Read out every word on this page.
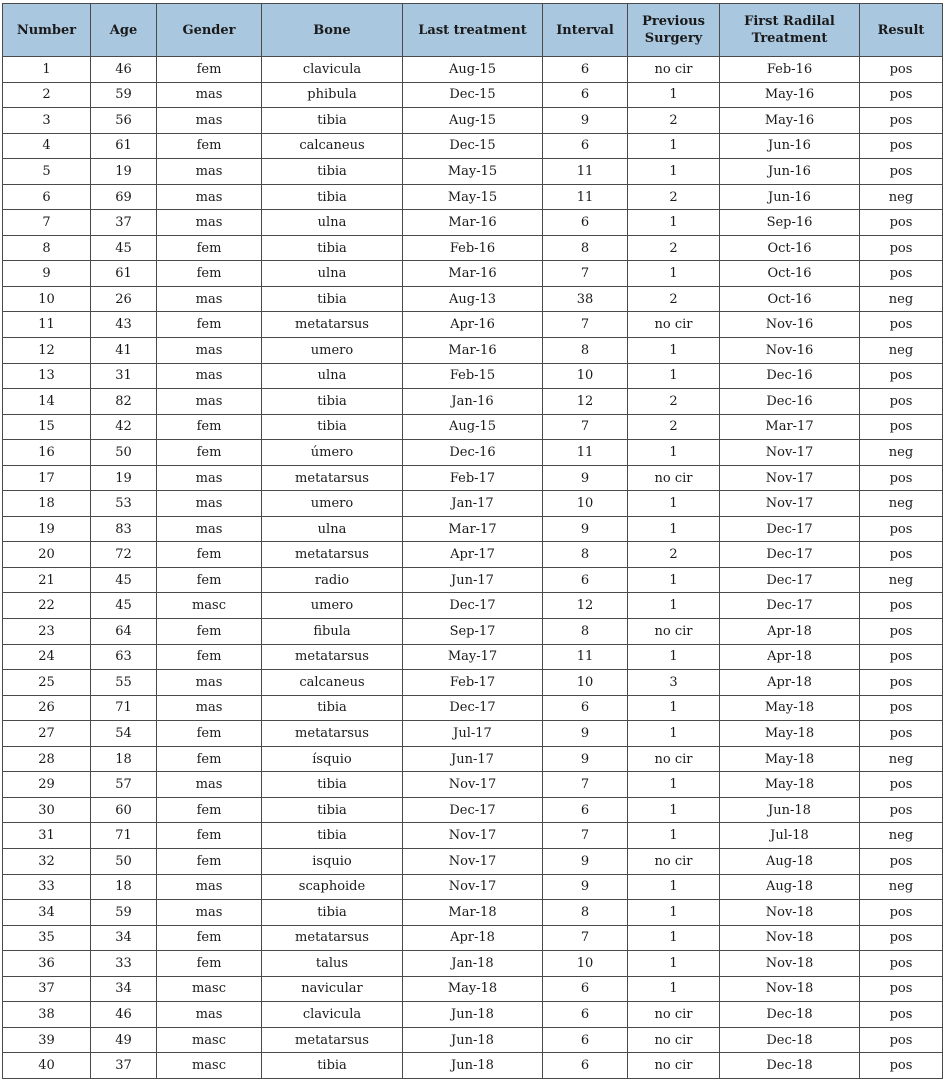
Number	Age	Gender	Bone	Last treatment	Interval	Previous Surgery	First Radilal Treatment	Result
1	46	fem	clavicula	Aug-15	6	no cir	Feb-16	pos
2	59	mas	phibula	Dec-15	6	1	May-16	pos
3	56	mas	tibia	Aug-15	9	2	May-16	pos
4	61	fem	calcaneus	Dec-15	6	1	Jun-16	pos
5	19	mas	tibia	May-15	11	1	Jun-16	pos
6	69	mas	tibia	May-15	11	2	Jun-16	neg
7	37	mas	ulna	Mar-16	6	1	Sep-16	pos
8	45	fem	tibia	Feb-16	8	2	Oct-16	pos
9	61	fem	ulna	Mar-16	7	1	Oct-16	pos
10	26	mas	tibia	Aug-13	38	2	Oct-16	neg
11	43	fem	metatarsus	Apr-16	7	no cir	Nov-16	pos
12	41	mas	umero	Mar-16	8	1	Nov-16	neg
13	31	mas	ulna	Feb-15	10	1	Dec-16	pos
14	82	mas	tibia	Jan-16	12	2	Dec-16	pos
15	42	fem	tibia	Aug-15	7	2	Mar-17	pos
16	50	fem	úmero	Dec-16	11	1	Nov-17	neg
17	19	mas	metatarsus	Feb-17	9	no cir	Nov-17	pos
18	53	mas	umero	Jan-17	10	1	Nov-17	neg
19	83	mas	ulna	Mar-17	9	1	Dec-17	pos
20	72	fem	metatarsus	Apr-17	8	2	Dec-17	pos
21	45	fem	radio	Jun-17	6	1	Dec-17	neg
22	45	masc	umero	Dec-17	12	1	Dec-17	pos
23	64	fem	fibula	Sep-17	8	no cir	Apr-18	pos
24	63	fem	metatarsus	May-17	11	1	Apr-18	pos
25	55	mas	calcaneus	Feb-17	10	3	Apr-18	pos
26	71	mas	tibia	Dec-17	6	1	May-18	pos
27	54	fem	metatarsus	Jul-17	9	1	May-18	pos
28	18	fem	ísquio	Jun-17	9	no cir	May-18	neg
29	57	mas	tibia	Nov-17	7	1	May-18	pos
30	60	fem	tibia	Dec-17	6	1	Jun-18	pos
31	71	fem	tibia	Nov-17	7	1	Jul-18	neg
32	50	fem	isquio	Nov-17	9	no cir	Aug-18	pos
33	18	mas	scaphoide	Nov-17	9	1	Aug-18	neg
34	59	mas	tibia	Mar-18	8	1	Nov-18	pos
35	34	fem	metatarsus	Apr-18	7	1	Nov-18	pos
36	33	fem	talus	Jan-18	10	1	Nov-18	pos
37	34	masc	navicular	May-18	6	1	Nov-18	pos
38	46	mas	clavicula	Jun-18	6	no cir	Dec-18	pos
39	49	masc	metatarsus	Jun-18	6	no cir	Dec-18	pos
40	37	masc	tibia	Jun-18	6	no cir	Dec-18	pos
